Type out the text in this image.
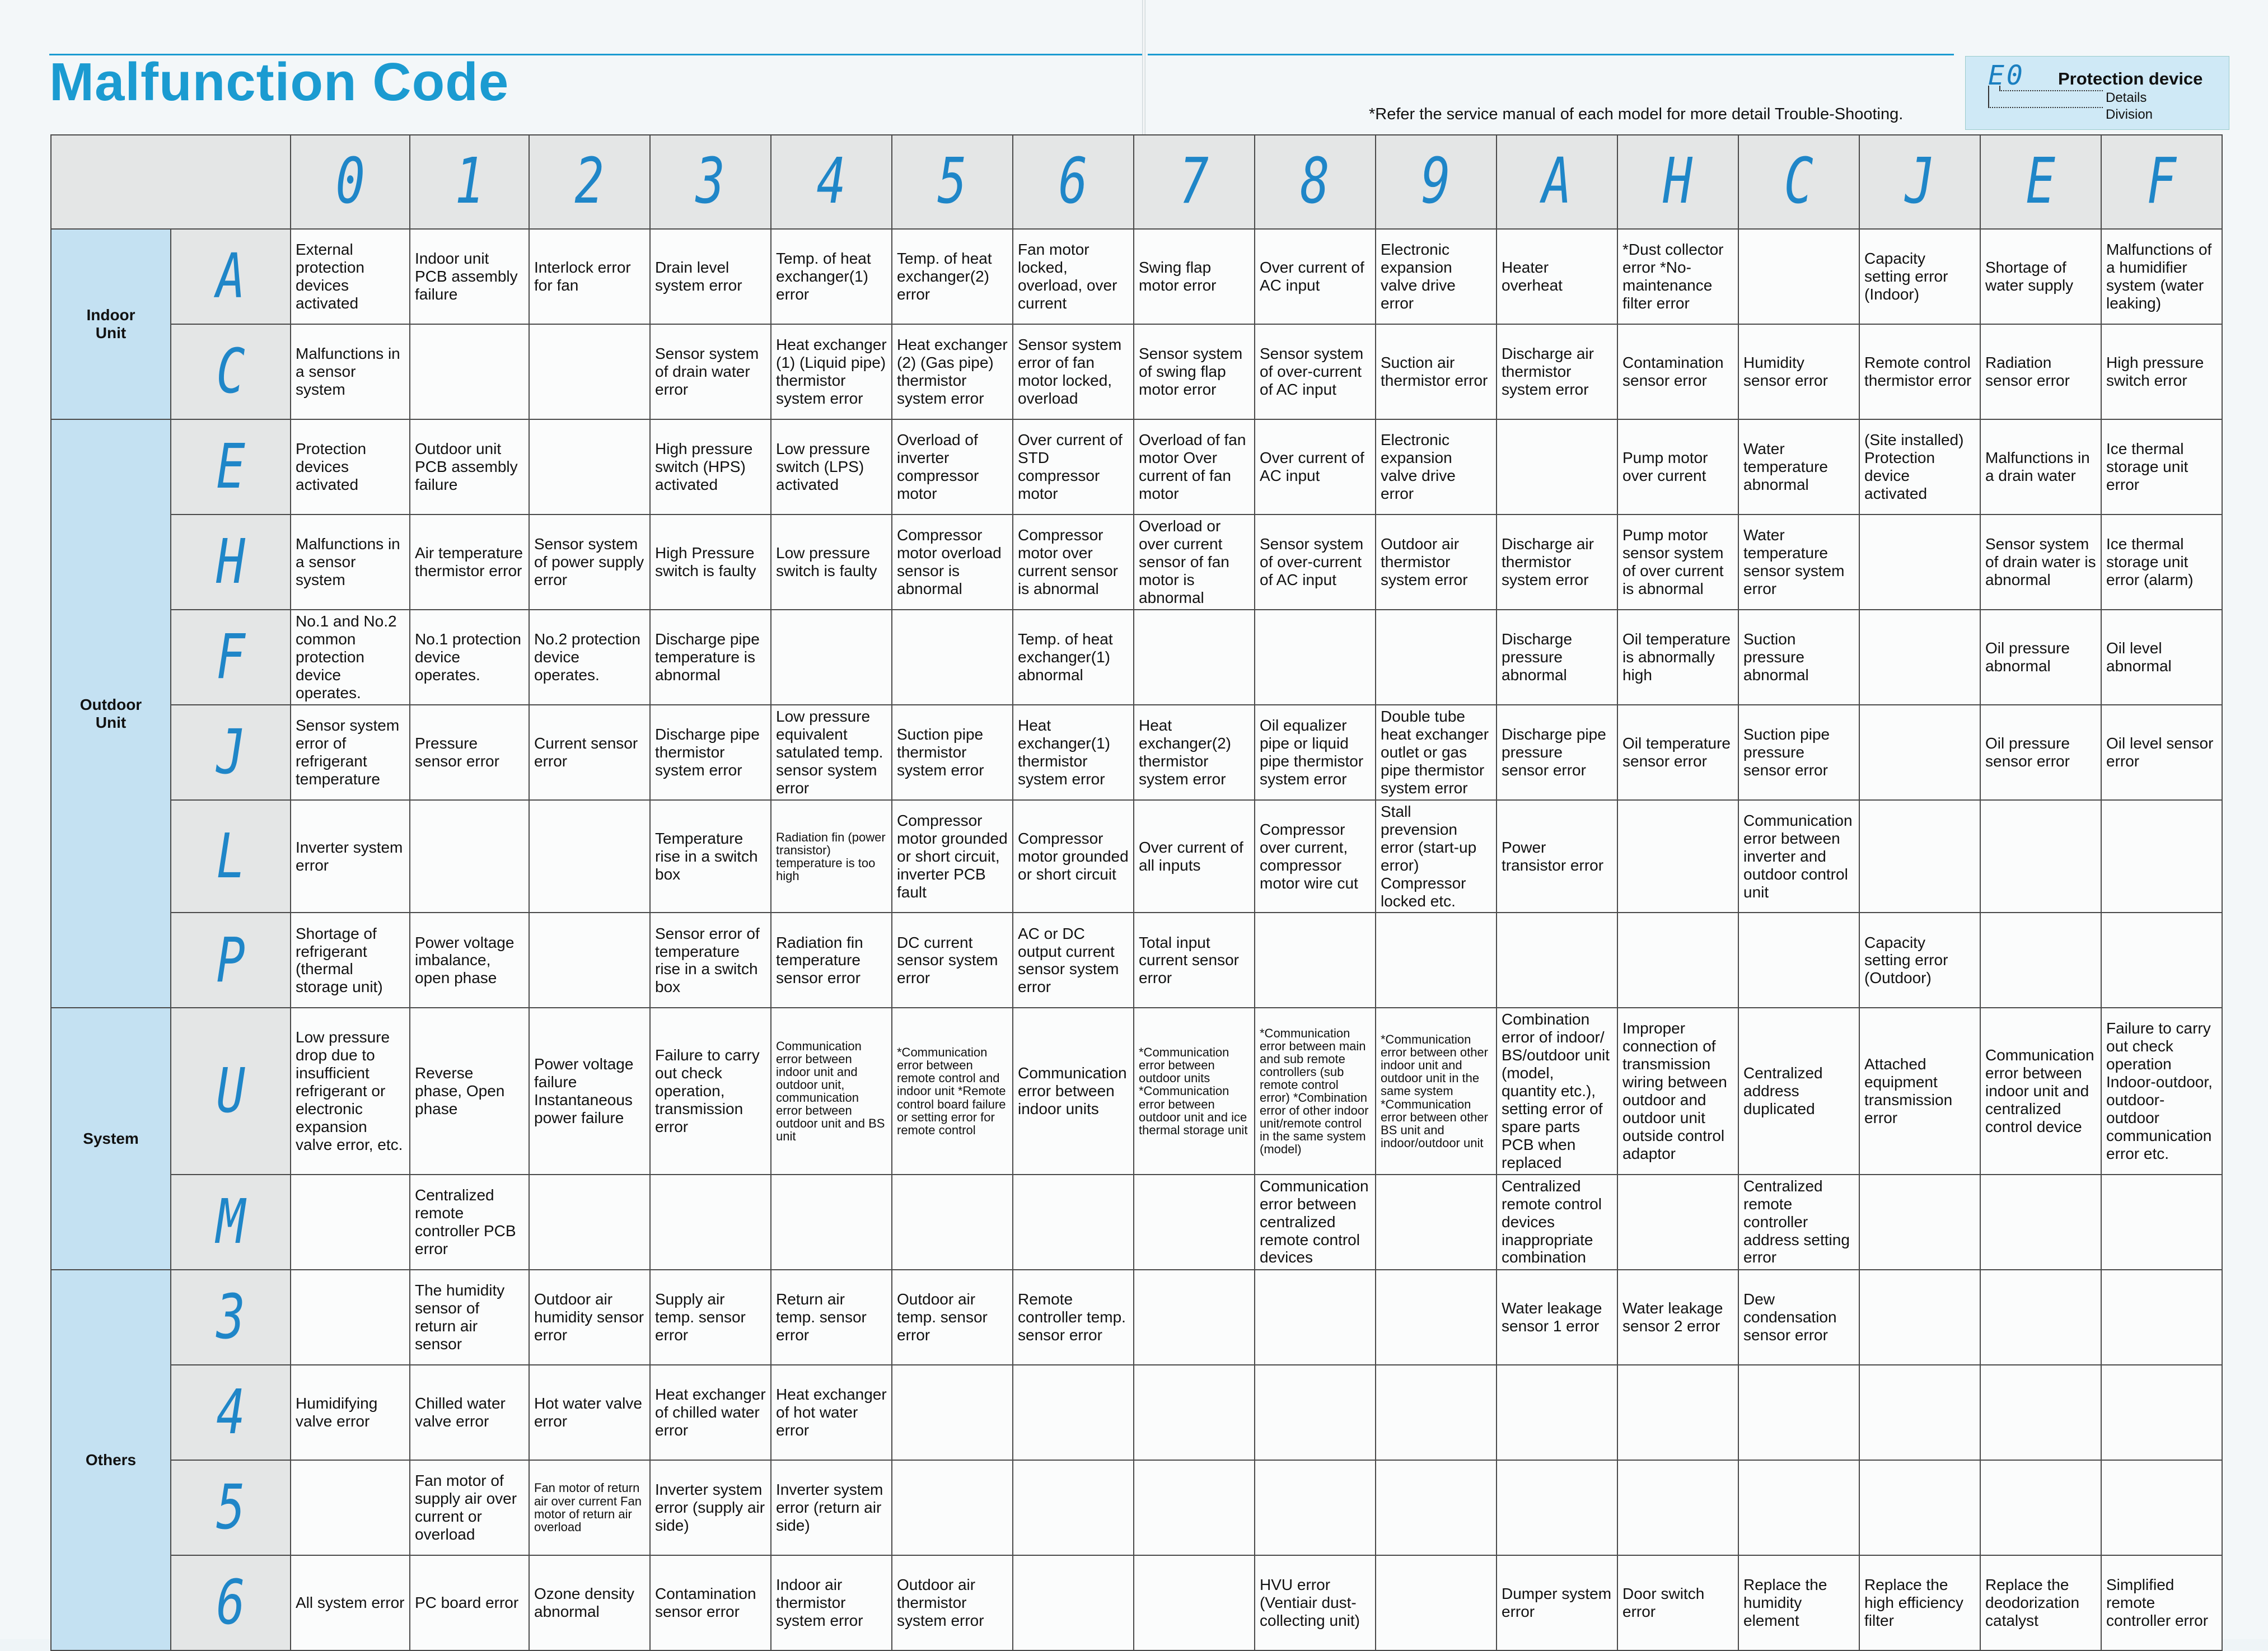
Malfunction Code
*Refer the service manual of each model for more detail Trouble-Shooting.
E0 Protection device
Details
Division
		0	1	2	3	4	5	6	7	8	9	A	H	C	J	E	F
Indoor
Unit	A	External protection devices activated	Indoor unit PCB assembly failure	Interlock error for fan	Drain level system error	Temp. of heat exchanger(1) error	Temp. of heat exchanger(2) error	Fan motor locked, overload, over current	Swing flap motor error	Over current of AC input	Electronic expansion valve drive error	Heater overheat	*Dust collector error *No-maintenance filter error		Capacity setting error (Indoor)	Shortage of water supply	Malfunctions of a humidifier system (water leaking)
	C	Malfunctions in a sensor system			Sensor system of drain water error	Heat exchanger (1) (Liquid pipe) thermistor system error	Heat exchanger (2) (Gas pipe) thermistor system error	Sensor system error of fan motor locked, overload	Sensor system of swing flap motor error	Sensor system of over-current of AC input	Suction air thermistor error	Discharge air thermistor system error	Contamination sensor error	Humidity sensor error	Remote control thermistor error	Radiation sensor error	High pressure switch error
Outdoor
Unit	E	Protection devices activated	Outdoor unit PCB assembly failure		High pressure switch (HPS) activated	Low pressure switch (LPS) activated	Overload of inverter compressor motor	Over current of STD compressor motor	Overload of fan motor Over current of fan motor	Over current of AC input	Electronic expansion valve drive error		Pump motor over current	Water temperature abnormal	(Site installed) Protection device activated	Malfunctions in a drain water	Ice thermal storage unit error
	H	Malfunctions in a sensor system	Air temperature thermistor error	Sensor system of power supply error	High Pressure switch is faulty	Low pressure switch is faulty	Compressor motor overload sensor is abnormal	Compressor motor over current sensor is abnormal	Overload or over current sensor of fan motor is abnormal	Sensor system of over-current of AC input	Outdoor air thermistor system error	Discharge air thermistor system error	Pump motor sensor system of over current is abnormal	Water temperature sensor system error		Sensor system of drain water is abnormal	Ice thermal storage unit error (alarm)
	F	No.1 and No.2 common protection device operates.	No.1 protection device operates.	No.2 protection device operates.	Discharge pipe temperature is abnormal			Temp. of heat exchanger(1) abnormal				Discharge pressure abnormal	Oil temperature is abnormally high	Suction pressure abnormal		Oil pressure abnormal	Oil level abnormal
	J	Sensor system error of refrigerant temperature	Pressure sensor error	Current sensor error	Discharge pipe thermistor system error	Low pressure equivalent satulated temp. sensor system error	Suction pipe thermistor system error	Heat exchanger(1) thermistor system error	Heat exchanger(2) thermistor system error	Oil equalizer pipe or liquid pipe thermistor system error	Double tube heat exchanger outlet or gas pipe thermistor system error	Discharge pipe pressure sensor error	Oil temperature sensor error	Suction pipe pressure sensor error		Oil pressure sensor error	Oil level sensor error
	L	Inverter system error			Temperature rise in a switch box	Radiation fin (power transistor) temperature is too high	Compressor motor grounded or short circuit, inverter PCB fault	Compressor motor grounded or short circuit	Over current of all inputs	Compressor over current, compressor motor wire cut	Stall prevension error (start-up error) Compressor locked etc.	Power transistor error		Communication error between inverter and outdoor control unit			
	P	Shortage of refrigerant (thermal storage unit)	Power voltage imbalance, open phase		Sensor error of temperature rise in a switch box	Radiation fin temperature sensor error	DC current sensor system error	AC or DC output current sensor system error	Total input current sensor error						Capacity setting error (Outdoor)		
System	U	Low pressure drop due to insufficient refrigerant or electronic expansion valve error, etc.	Reverse phase, Open phase	Power voltage failure Instantaneous power failure	Failure to carry out check operation, transmission error	Communication error between indoor unit and outdoor unit, communication error between outdoor unit and BS unit	*Communication error between remote control and indoor unit *Remote control board failure or setting error for remote control	Communication error between indoor units	*Communication error between outdoor units *Communication error between outdoor unit and ice thermal storage unit	*Communication error between main and sub remote controllers (sub remote control error) *Combination error of other indoor unit/remote control in the same system (model)	*Communication error between other indoor unit and outdoor unit in the same system *Communication error between other BS unit and indoor/outdoor unit	Combination error of indoor/ BS/outdoor unit (model, quantity etc.), setting error of spare parts PCB when replaced	Improper connection of transmission wiring between outdoor and outdoor unit outside control adaptor	Centralized address duplicated	Attached equipment transmission error	Communication error between indoor unit and centralized control device	Failure to carry out check operation Indoor-outdoor, outdoor-outdoor communication error etc.
	M		Centralized remote controller PCB error							Communication error between centralized remote control devices		Centralized remote control devices inappropriate combination		Centralized remote controller address setting error			
Others	3		The humidity sensor of return air sensor	Outdoor air humidity sensor error	Supply air temp. sensor error	Return air temp. sensor error	Outdoor air temp. sensor error	Remote controller temp. sensor error				Water leakage sensor 1 error	Water leakage sensor 2 error	Dew condensation sensor error			
	4	Humidifying valve error	Chilled water valve error	Hot water valve error	Heat exchanger of chilled water error	Heat exchanger of hot water error											
	5		Fan motor of supply air over current or overload	Fan motor of return air over current Fan motor of return air overload	Inverter system error (supply air side)	Inverter system error (return air side)											
	6	All system error	PC board error	Ozone density abnormal	Contamination sensor error	Indoor air thermistor system error	Outdoor air thermistor system error			HVU error (Ventiair dust-collecting unit)		Dumper system error	Door switch error	Replace the humidity element	Replace the high efficiency filter	Replace the deodorization catalyst	Simplified remote controller error
